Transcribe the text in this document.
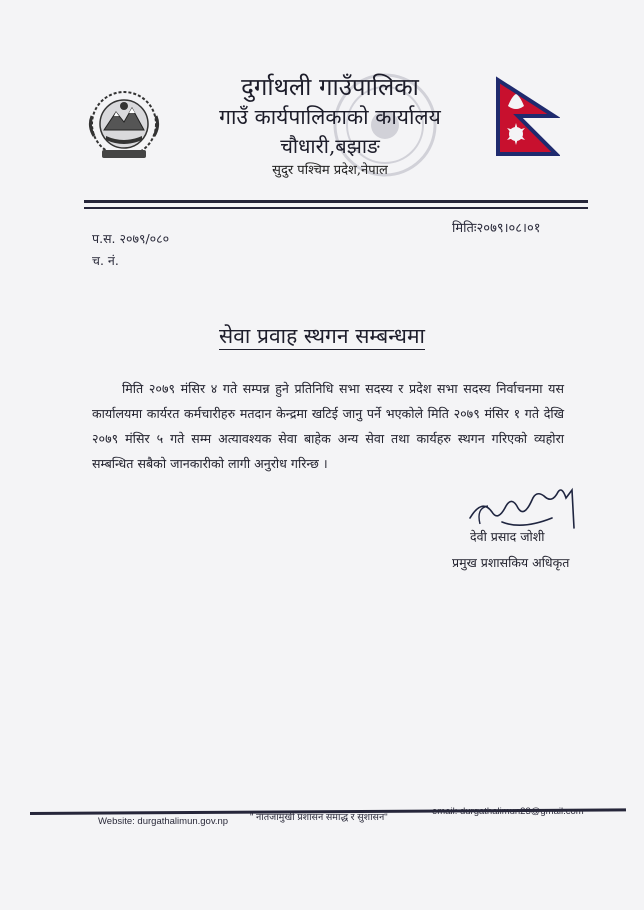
दुर्गाथली गाउँपालिका
गाउँ कार्यपालिकाको कार्यालय
चौधारी,बझाङ
सुदुर पश्चिम प्रदेश,नेपाल
प.स. २०७९/०८०
च. नं.
मितिः२०७९।०८।०१
सेवा प्रवाह स्थगन सम्बन्धमा
मिति २०७९ मंसिर ४ गते सम्पन्न हुने प्रतिनिधि सभा सदस्य र प्रदेश सभा सदस्य निर्वाचनमा यस कार्यालयमा कार्यरत कर्मचारीहरु मतदान केन्द्रमा खटिई जानु पर्ने भएकोले मिति २०७९ मंसिर १ गते देखि २०७९ मंसिर ५ गते सम्म अत्यावश्यक सेवा बाहेक अन्य सेवा तथा कार्यहरु स्थगन गरिएको व्यहोरा सम्बन्धित सबैको जानकारीको लागी अनुरोध गरिन्छ ।
देवी प्रसाद जोशी
प्रमुख प्रशासकिय अधिकृत
Website: durgathalimun.gov.np " नातजामुखी प्रशासन समाद्ध र सुशासन"
email: durgathalimun23@gmail.com
